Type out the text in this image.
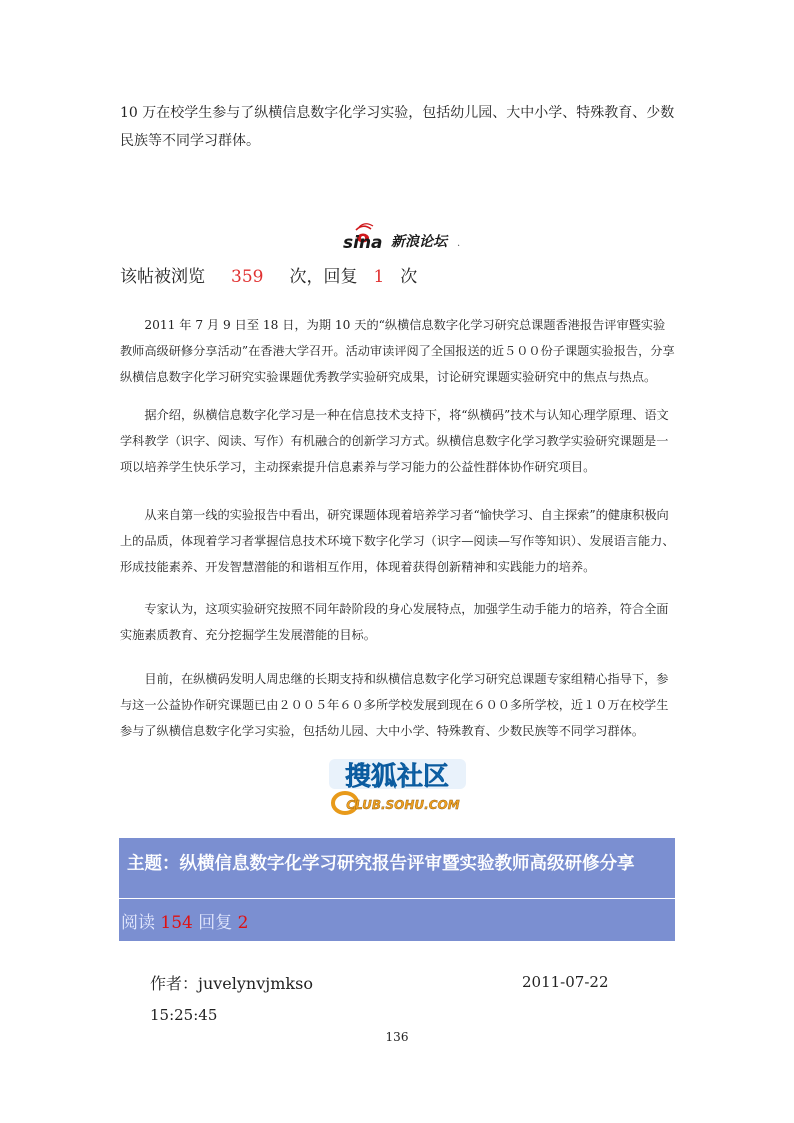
10 万在校学生参与了纵横信息数字化学习实验，包括幼儿园、大中小学、特殊教育、少数民族等不同学习群体。
sina 新浪论坛 .
该帖被浏览 359 次，回复 1 次
2011 年 7 月 9 日至 18 日，为期 10 天的“纵横信息数字化学习研究总课题香港报告评审暨实验教师高级研修分享活动”在香港大学召开。活动审读评阅了全国报送的近５００份子课题实验报告，分享纵横信息数字化学习研究实验课题优秀教学实验研究成果，讨论研究课题实验研究中的焦点与热点。
据介绍，纵横信息数字化学习是一种在信息技术支持下，将“纵横码”技术与认知心理学原理、语文学科教学（识字、阅读、写作）有机融合的创新学习方式。纵横信息数字化学习教学实验研究课题是一项以培养学生快乐学习，主动探索提升信息素养与学习能力的公益性群体协作研究项目。
从来自第一线的实验报告中看出，研究课题体现着培养学习者“愉快学习、自主探索”的健康积极向上的品质，体现着学习者掌握信息技术环境下数字化学习（识字—阅读—写作等知识）、发展语言能力、形成技能素养、开发智慧潜能的和谐相互作用，体现着获得创新精神和实践能力的培养。
专家认为，这项实验研究按照不同年龄阶段的身心发展特点，加强学生动手能力的培养，符合全面实施素质教育、充分挖掘学生发展潜能的目标。
目前，在纵横码发明人周忠继的长期支持和纵横信息数字化学习研究总课题专家组精心指导下，参与这一公益协作研究课题已由２００５年６０多所学校发展到现在６００多所学校，近１０万在校学生参与了纵横信息数字化学习实验，包括幼儿园、大中小学、特殊教育、少数民族等不同学习群体。
搜狐社区
CLUB.SOHU.COM
主题：纵横信息数字化学习研究报告评审暨实验教师高级研修分享
阅读 154 回复 2
作者：juvelynvjmkso	2011-07-22
15:25:45
136
